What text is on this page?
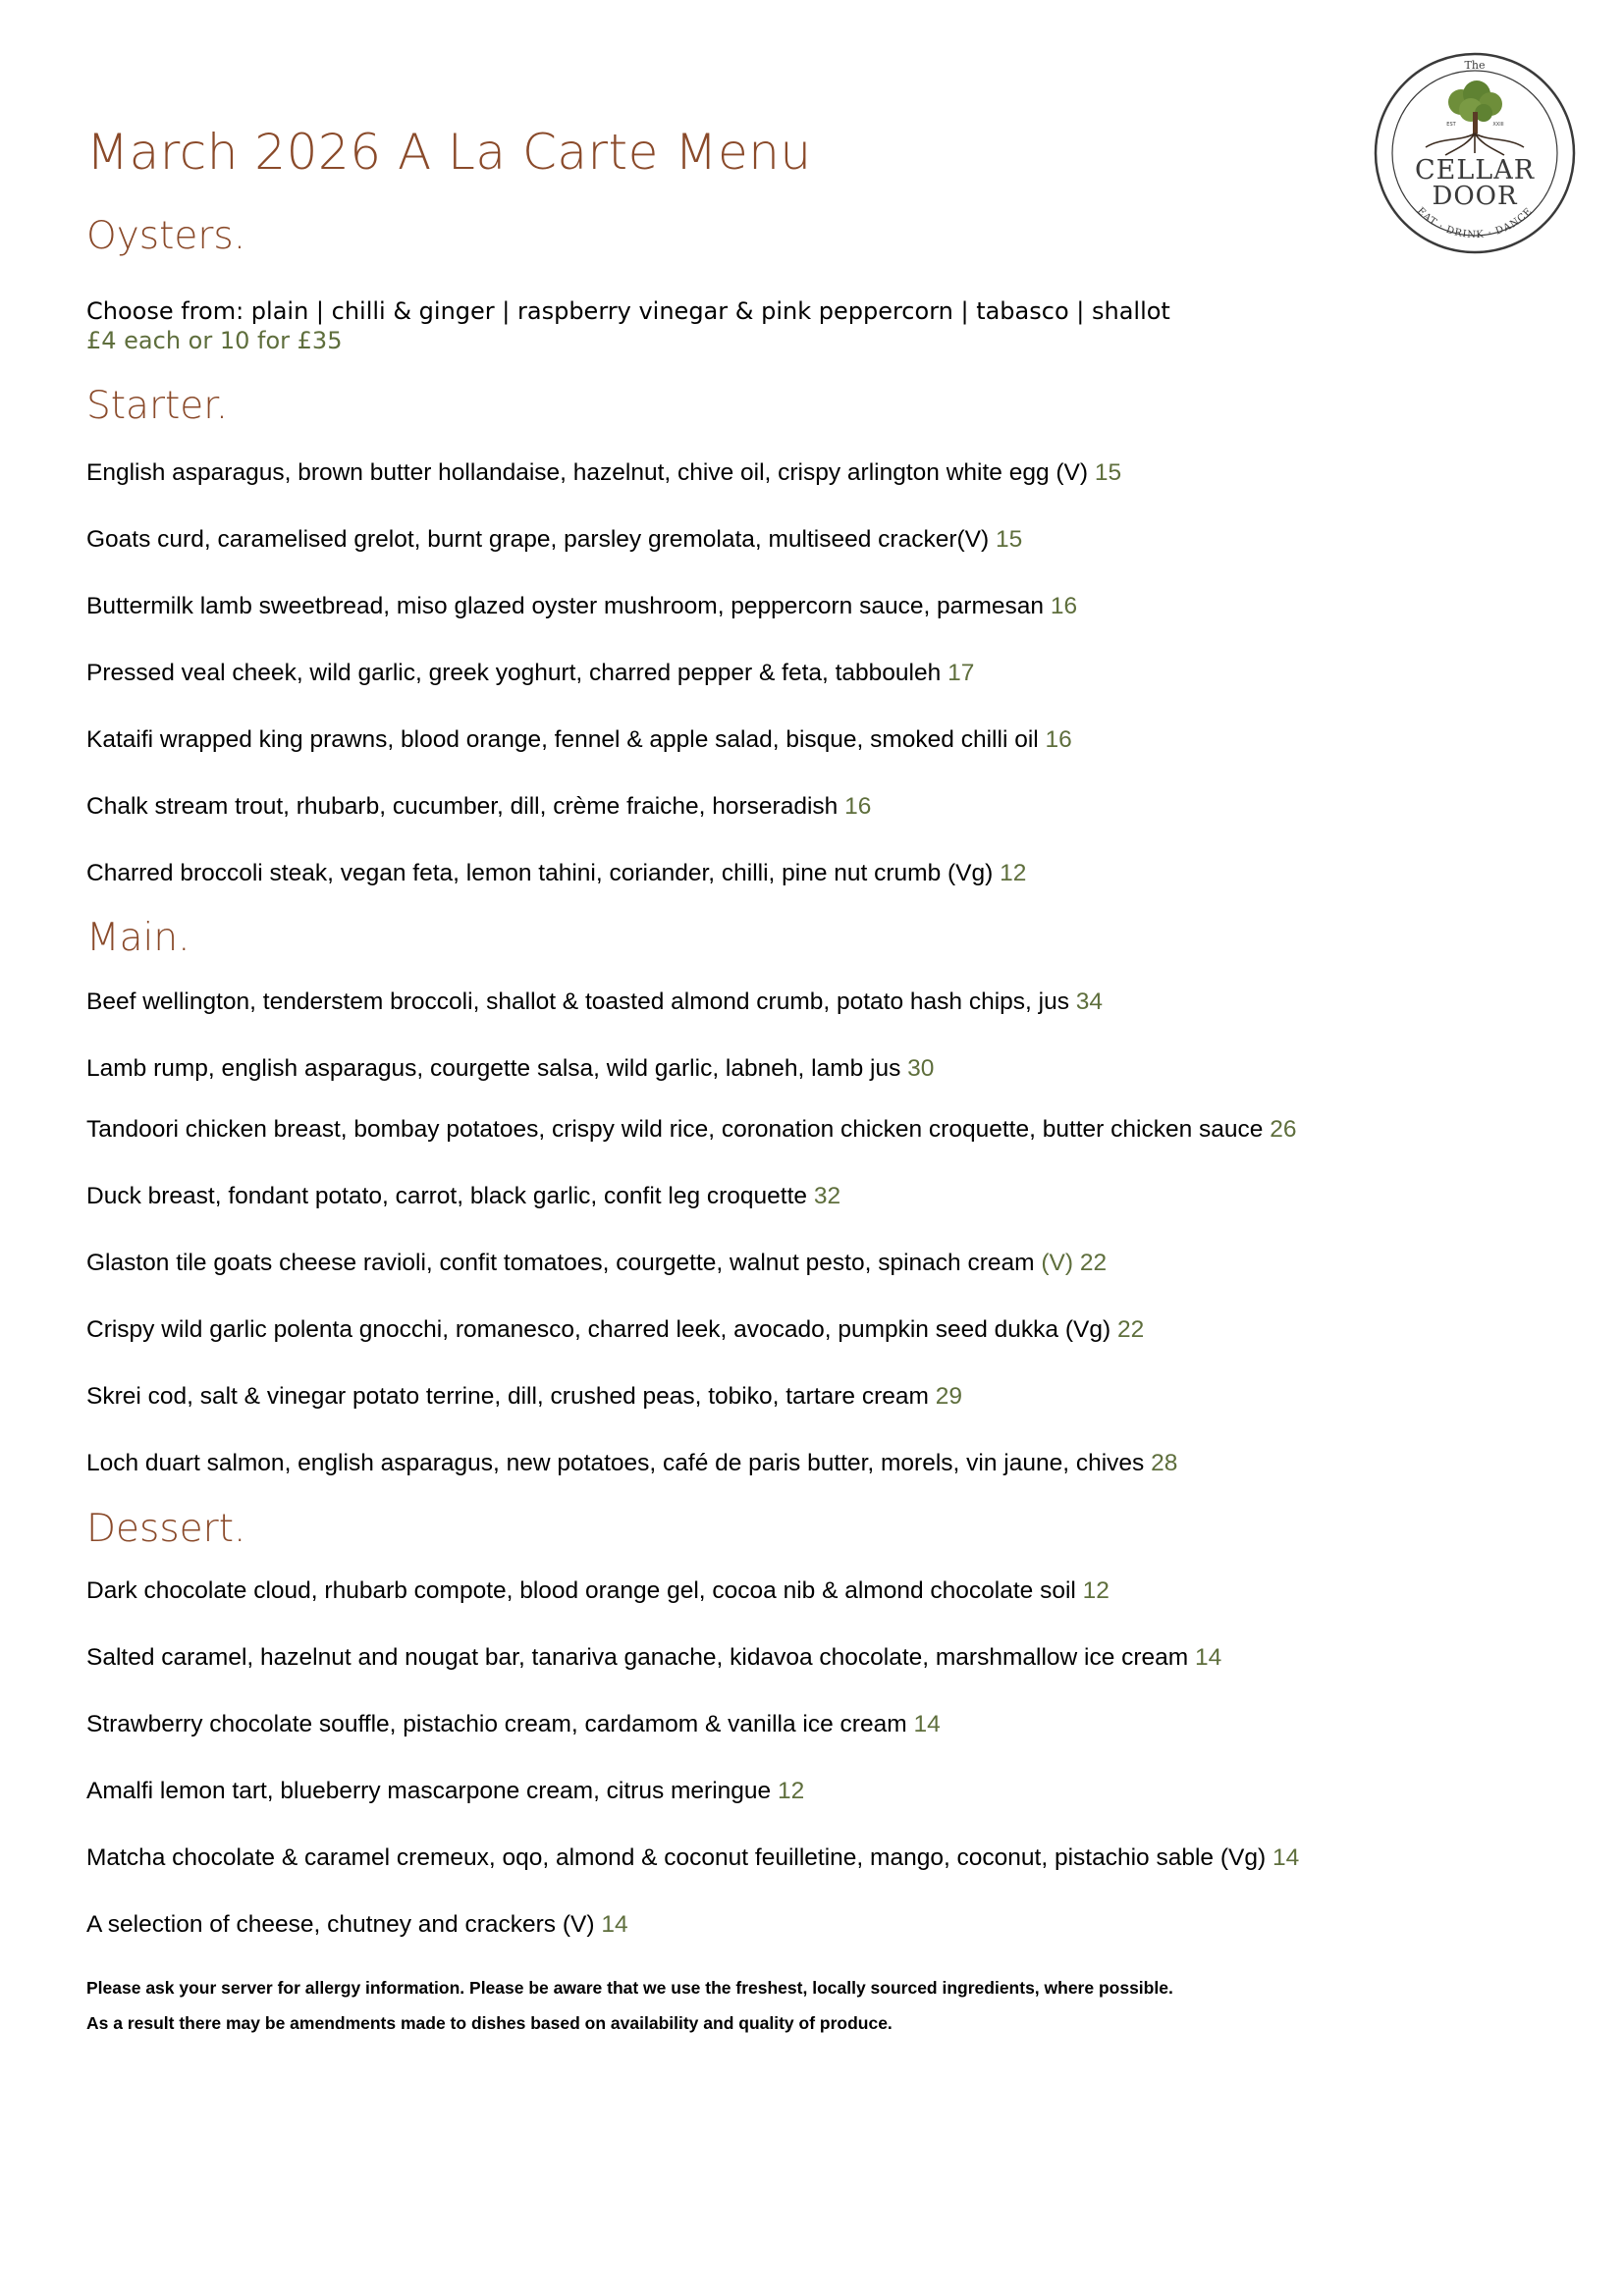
March 2026 A La Carte Menu
The
EST	XXIII
CELLAR
DOOR
EAT · DRINK · DANCE
Oysters.
Choose from: plain | chilli & ginger | raspberry vinegar & pink peppercorn | tabasco | shallot
£4 each or 10 for £35
Starter.
English asparagus, brown butter hollandaise, hazelnut, chive oil, crispy arlington white egg (V) 15
Goats curd, caramelised grelot, burnt grape, parsley gremolata, multiseed cracker(V) 15
Buttermilk lamb sweetbread, miso glazed oyster mushroom, peppercorn sauce, parmesan 16
Pressed veal cheek, wild garlic, greek yoghurt, charred pepper & feta, tabbouleh 17
Kataifi wrapped king prawns, blood orange, fennel & apple salad, bisque, smoked chilli oil 16
Chalk stream trout, rhubarb, cucumber, dill, crème fraiche, horseradish 16
Charred broccoli steak, vegan feta, lemon tahini, coriander, chilli, pine nut crumb (Vg) 12
Main.
Beef wellington, tenderstem broccoli, shallot & toasted almond crumb, potato hash chips, jus 34
Lamb rump, english asparagus, courgette salsa, wild garlic, labneh, lamb jus 30
Tandoori chicken breast, bombay potatoes, crispy wild rice, coronation chicken croquette, butter chicken sauce 26
Duck breast, fondant potato, carrot, black garlic, confit leg croquette 32
Glaston tile goats cheese ravioli, confit tomatoes, courgette, walnut pesto, spinach cream (V) 22
Crispy wild garlic polenta gnocchi, romanesco, charred leek, avocado, pumpkin seed dukka (Vg) 22
Skrei cod, salt & vinegar potato terrine, dill, crushed peas, tobiko, tartare cream 29
Loch duart salmon, english asparagus, new potatoes, café de paris butter, morels, vin jaune, chives 28
Dessert.
Dark chocolate cloud, rhubarb compote, blood orange gel, cocoa nib & almond chocolate soil 12
Salted caramel, hazelnut and nougat bar, tanariva ganache, kidavoa chocolate, marshmallow ice cream 14
Strawberry chocolate souffle, pistachio cream, cardamom & vanilla ice cream 14
Amalfi lemon tart, blueberry mascarpone cream, citrus meringue 12
Matcha chocolate & caramel cremeux, oqo, almond & coconut feuilletine, mango, coconut, pistachio sable (Vg) 14
A selection of cheese, chutney and crackers (V) 14
Please ask your server for allergy information. Please be aware that we use the freshest, locally sourced ingredients, where possible.
As a result there may be amendments made to dishes based on availability and quality of produce.
